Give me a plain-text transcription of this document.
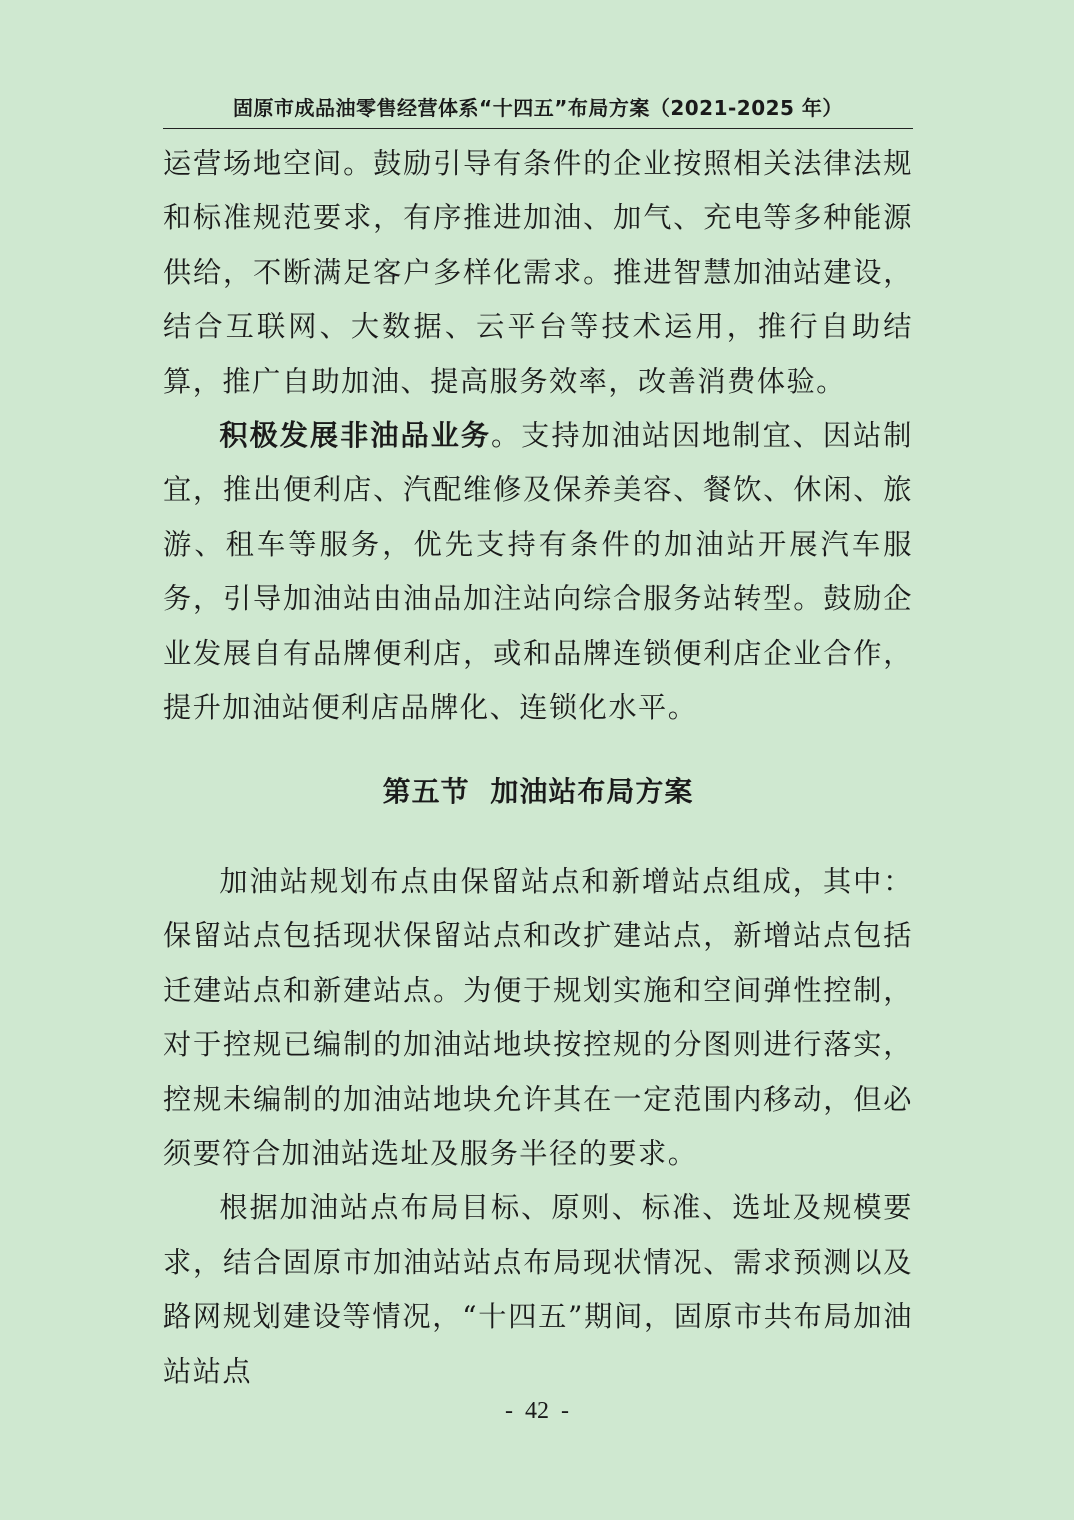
固原市成品油零售经营体系“十四五”布局方案（2021-2025 年）

运营场地空间。鼓励引导有条件的企业按照相关法律法规和标准规范要求，有序推进加油、加气、充电等多种能源供给，不断满足客户多样化需求。推进智慧加油站建设，结合互联网、大数据、云平台等技术运用，推行自助结算，推广自助加油、提高服务效率，改善消费体验。

积极发展非油品业务。支持加油站因地制宜、因站制宜，推出便利店、汽配维修及保养美容、餐饮、休闲、旅游、租车等服务，优先支持有条件的加油站开展汽车服务，引导加油站由油品加注站向综合服务站转型。鼓励企业发展自有品牌便利店，或和品牌连锁便利店企业合作，提升加油站便利店品牌化、连锁化水平。

第五节 加油站布局方案

加油站规划布点由保留站点和新增站点组成，其中：保留站点包括现状保留站点和改扩建站点，新增站点包括迁建站点和新建站点。为便于规划实施和空间弹性控制，对于控规已编制的加油站地块按控规的分图则进行落实，控规未编制的加油站地块允许其在一定范围内移动，但必须要符合加油站选址及服务半径的要求。

根据加油站点布局目标、原则、标准、选址及规模要求，结合固原市加油站站点布局现状情况、需求预测以及路网规划建设等情况，“十四五”期间，固原市共布局加油站站点

- 42 -
